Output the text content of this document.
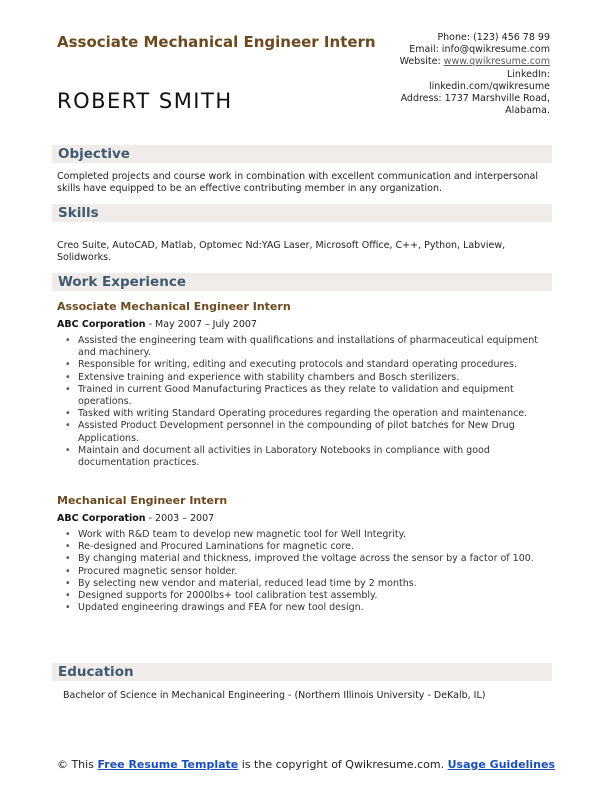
Associate Mechanical Engineer Intern
ROBERT SMITH
Phone: (123) 456 78 99
Email: info@qwikresume.com
Website: www.qwikresume.com
LinkedIn:
linkedin.com/qwikresume
Address: 1737 Marshville Road,
Alabama.
Objective
Completed projects and course work in combination with excellent communication and interpersonal skills have equipped to be an effective contributing member in any organization.
Skills
Creo Suite, AutoCAD, Matlab, Optomec Nd:YAG Laser, Microsoft Office, C++, Python, Labview, Solidworks.
Work Experience
Associate Mechanical Engineer Intern
ABC Corporation - May 2007 – July 2007
• Assisted the engineering team with qualifications and installations of pharmaceutical equipment and machinery.
• Responsible for writing, editing and executing protocols and standard operating procedures.
• Extensive training and experience with stability chambers and Bosch sterilizers.
• Trained in current Good Manufacturing Practices as they relate to validation and equipment operations.
• Tasked with writing Standard Operating procedures regarding the operation and maintenance.
• Assisted Product Development personnel in the compounding of pilot batches for New Drug Applications.
• Maintain and document all activities in Laboratory Notebooks in compliance with good documentation practices.
Mechanical Engineer Intern
ABC Corporation - 2003 – 2007
• Work with R&D team to develop new magnetic tool for Well Integrity.
• Re-designed and Procured Laminations for magnetic core.
• By changing material and thickness, improved the voltage across the sensor by a factor of 100.
• Procured magnetic sensor holder.
• By selecting new vendor and material, reduced lead time by 2 months.
• Designed supports for 2000lbs+ tool calibration test assembly.
• Updated engineering drawings and FEA for new tool design.
Education
Bachelor of Science in Mechanical Engineering - (Northern Illinois University - DeKalb, IL)
© This Free Resume Template is the copyright of Qwikresume.com. Usage Guidelines
